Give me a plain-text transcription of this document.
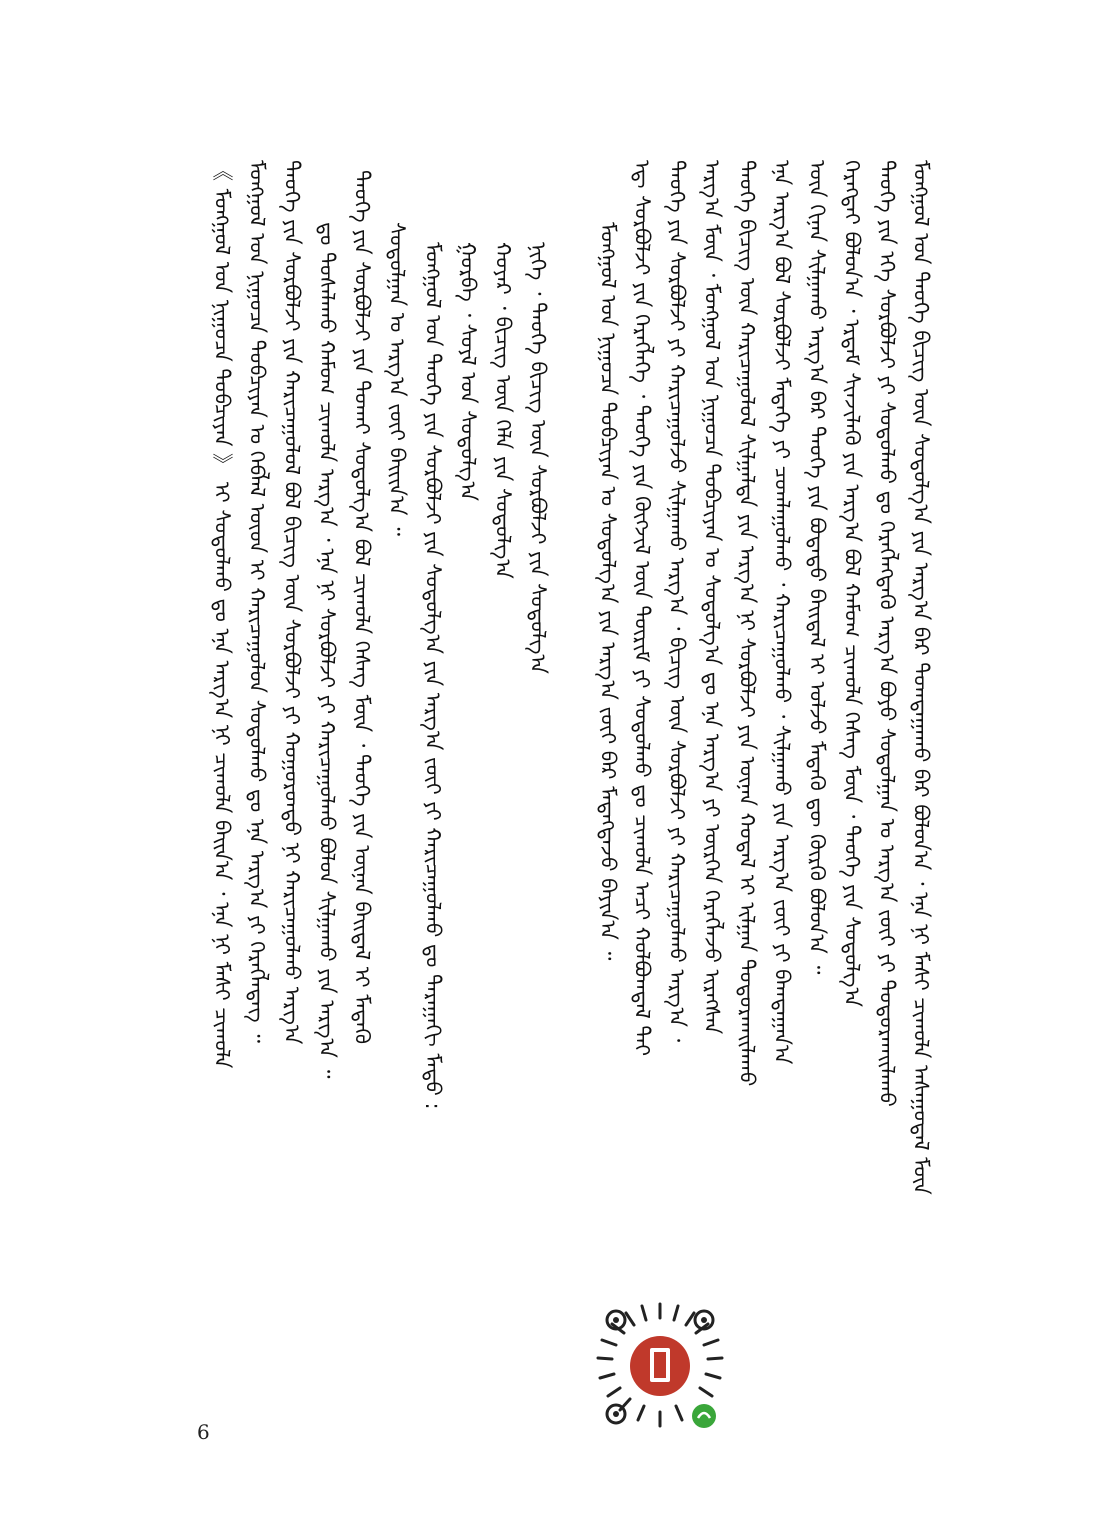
ᠮᠣᠩᠭᠣᠯ ᠤᠨ ᠲᠡᠦᠬᠡ ᠪᠢᠴᠢᠭ ᠦᠨ ᠰᠤᠳᠤᠯᠭ᠎ᠠ ᠶᠢᠨ ᠠᠷᠭ᠎ᠠ ᠪᠠᠷ ᠲᠣᠭᠲᠠᠭᠠᠬᠤ ᠪᠠᠷ ᠪᠤᠯᠤᠨ᠎ᠠ ᠂ ᠡᠨᠡ ᠨᠢ ᠮᠠᠰᠢ ᠴᠢᠬᠤᠯᠠ ᠠᠰᠠᠭᠤᠳᠠᠯ ᠮᠥᠨ
ᠲᠡᠦᠬᠡ ᠶᠢᠨ ᠡᠬᠡ ᠰᠤᠷᠪᠤᠯᠵᠢ ᠶᠢ ᠰᠤᠳᠤᠯᠬᠤ ᠳᠤ ᠬᠡᠷᠡᠭᠯᠡᠭᠳᠡᠬᠦ ᠠᠷᠭ᠎ᠠ ᠪᠤᠶᠤ ᠰᠤᠳᠤᠯᠭᠠᠨ ᠤ ᠠᠷᠭ᠎ᠠ ᠵᠦᠢ ᠶᠢ ᠲᠣᠳᠤᠷᠬᠠᠢᠯᠠᠬᠤ
ᠬᠡᠷᠡᠭᠲᠡᠢ ᠪᠣᠯᠤᠨ᠎ᠠ ᠂ ᠡᠷᠳᠡᠮ ᠰᠢᠨᠵᠢᠯᠡᠬᠦ ᠶᠢᠨ ᠠᠷᠭ᠎ᠠ ᠪᠣᠯ ᠬᠠᠮᠤᠭ ᠴᠢᠬᠤᠯᠠ ᠬᠡᠰᠡᠭ ᠮᠥᠨ ᠂ ᠲᠡᠦᠬᠡ ᠶᠢᠨ ᠰᠤᠳᠤᠯᠭ᠎ᠠ
ᠦᠨ ᠬᠢᠨᠠᠨ ᠰᠢᠯᠭᠠᠬᠤ ᠠᠷᠭ᠎ᠠ ᠪᠠᠷ ᠲᠡᠦᠬᠡ ᠶᠢᠨ ᠪᠣᠳᠠᠲᠤ ᠪᠠᠢᠳᠠᠯ ᠢ ᠣᠯᠵᠤ ᠮᠡᠳᠡᠬᠦ ᠳᠦ ᠬᠦᠷᠬᠦ ᠪᠣᠯᠤᠨ᠎ᠠ ᠃
ᠡᠨᠡ ᠠᠷᠭ᠎ᠠ ᠪᠣᠯ ᠰᠤᠷᠪᠤᠯᠵᠢ ᠮᠡᠳᠡᠭᠡ ᠶᠢ ᠴᠤᠭᠯᠠᠭᠤᠯᠬᠤ ᠂ ᠬᠠᠷᠢᠴᠠᠭᠤᠯᠬᠤ ᠂ ᠰᠢᠯᠭᠠᠬᠤ ᠶᠢᠨ ᠠᠷᠭ᠎ᠠ ᠵᠦᠢ ᠶᠢ ᠪᠠᠭᠲᠠᠭᠠᠨ᠎ᠠ
ᠲᠡᠦᠬᠡ ᠪᠢᠴᠢᠭ ᠦᠨ ᠬᠠᠷᠢᠴᠠᠭᠤᠯᠤᠯ ᠰᠢᠯᠭᠠᠯᠲᠠ ᠶᠢᠨ ᠠᠷᠭ᠎ᠠ ᠨᠢ ᠰᠤᠷᠪᠤᠯᠵᠢ ᠶᠢᠨ ᠦᠨᠡᠨ ᠬᠤᠳᠠᠯ ᠢ ᠢᠯᠭᠠᠨ ᠲᠣᠳᠤᠷᠬᠠᠢᠯᠠᠬᠤ
ᠠᠷᠭ᠎ᠠ ᠮᠥᠨ ᠂ ᠮᠣᠩᠭᠣᠯ ᠤᠨ ᠨᠢᠭᠤᠴᠠ ᠲᠣᠪᠴᠢᠶᠠᠨ ᠤ ᠰᠤᠳᠤᠯᠭ᠎ᠠ ᠳᠤ ᠡᠨᠡ ᠠᠷᠭ᠎ᠠ ᠶᠢ ᠥᠷᠭᠡᠨ ᠬᠡᠷᠡᠭᠯᠡᠵᠦ ᠢᠷᠡᠭᠰᠡᠨ
ᠲᠡᠦᠬᠡ ᠶᠢᠨ ᠰᠤᠷᠪᠤᠯᠵᠢ ᠶᠢ ᠬᠠᠷᠢᠴᠠᠭᠤᠯᠵᠤ ᠰᠢᠯᠭᠠᠬᠤ ᠠᠷᠭ᠎ᠠ ᠂ ᠪᠢᠴᠢᠭ ᠦᠨ ᠰᠤᠷᠪᠤᠯᠵᠢ ᠶᠢ ᠬᠠᠷᠢᠴᠠᠭᠤᠯᠬᠤ ᠠᠷᠭ᠎ᠠ ᠂
ᠡᠳ᠋ ᠰᠤᠷᠪᠤᠯᠵᠢ ᠶᠢᠨ ᠬᠡᠷᠡᠭᠯᠡᠭᠡ ᠂ ᠲᠡᠦᠬᠡ ᠶᠢᠨ ᠬᠥᠭᠵᠢᠯ ᠦᠨ ᠳᠦᠷᠢᠮ ᠶᠢ ᠰᠤᠳᠤᠯᠬᠤ ᠳᠤ ᠴᠢᠬᠤᠯᠠ ᠠᠴᠢ ᠬᠣᠯᠪᠣᠭᠳᠠᠯ ᠲᠠᠢ
ᠮᠣᠩᠭᠣᠯ ᠤᠨ ᠨᠢᠭᠤᠴᠠ ᠲᠣᠪᠴᠢᠶᠠᠨ ᠤ ᠰᠤᠳᠤᠯᠭ᠎ᠠ ᠶᠢᠨ ᠠᠷᠭ᠎ᠠ ᠵᠦᠢ ᠪᠠᠷ ᠮᠡᠳᠡᠭᠳᠡᠵᠦ ᠪᠠᠶᠢᠨ᠎ᠠ ᠃
ᠨᠢᠭᠡ ᠂ ᠲᠡᠦᠬᠡ ᠪᠢᠴᠢᠭ ᠦᠨ ᠰᠤᠷᠪᠤᠯᠵᠢ ᠶᠢᠨ ᠰᠤᠳᠤᠯᠭ᠎ᠠ
ᠬᠣᠶᠠᠷ ᠂ ᠪᠢᠴᠢᠭ ᠦᠨ ᠬᠡᠯᠡ ᠶᠢᠨ ᠰᠤᠳᠤᠯᠭ᠎ᠠ
ᠭᠤᠷᠪᠠ ᠂ ᠰᠤᠶᠯ ᠤᠨ ᠰᠤᠳᠤᠯᠭ᠎ᠠ
ᠮᠣᠩᠭᠣᠯ ᠤᠨ ᠲᠡᠦᠬᠡ ᠶᠢᠨ ᠰᠤᠷᠪᠤᠯᠵᠢ ᠶᠢᠨ ᠰᠤᠳᠤᠯᠭ᠎ᠠ ᠶᠢᠨ ᠠᠷᠭ᠎ᠠ ᠵᠦᠢ ᠶᠢ ᠬᠠᠷᠢᠴᠠᠭᠤᠯᠬᠤ ᠳᠤ ᠳᠠᠷᠠᠭᠠᠬᠢ ᠮᠡᠲᠦ :
ᠰᠤᠳᠤᠯᠭᠠᠨ ᠤ ᠠᠷᠭ᠎ᠠ ᠵᠦᠢ ᠪᠠᠢᠢᠨ᠎ᠠ ᠃
ᠲᠡᠦᠬᠡ ᠶᠢᠨ ᠰᠤᠷᠪᠤᠯᠵᠢ ᠶᠢᠨ ᠲᠤᠬᠠᠢ ᠰᠤᠳᠤᠯᠭ᠎ᠠ ᠪᠣᠯ ᠴᠢᠬᠤᠯᠠ ᠬᠡᠰᠡᠭ ᠮᠥᠨ ᠂ ᠲᠡᠦᠬᠡ ᠶᠢᠨ ᠦᠨᠡᠨ ᠪᠠᠢᠳᠠᠯ ᠢ ᠮᠡᠳᠡᠬᠦ
ᠳᠤ ᠲᠤᠰᠠᠯᠠᠬᠤ ᠬᠠᠮᠤᠭ ᠴᠢᠬᠤᠯᠠ ᠠᠷᠭ᠎ᠠ ᠂ ᠡᠨᠡ ᠨᠢ ᠰᠤᠷᠪᠤᠯᠵᠢ ᠶᠢ ᠬᠠᠷᠢᠴᠠᠭᠤᠯᠬᠤ ᠪᠣᠯᠤᠨ ᠰᠢᠯᠭᠠᠬᠤ ᠶᠢᠨ ᠠᠷᠭ᠎ᠠ ᠃
ᠲᠡᠦᠬᠡ ᠶᠢᠨ ᠰᠤᠷᠪᠤᠯᠵᠢ ᠶᠢᠨ ᠬᠠᠷᠢᠴᠠᠭᠤᠯᠤᠯ ᠪᠣᠯ ᠪᠢᠴᠢᠭ ᠦᠨ ᠰᠤᠷᠪᠤᠯᠵᠢ ᠶᠢ ᠬᠣᠭᠣᠷᠣᠨᠳᠤ ᠨᠢ ᠬᠠᠷᠢᠴᠠᠭᠤᠯᠬᠤ ᠠᠷᠭ᠎ᠠ
ᠮᠣᠩᠭᠣᠯ ᠤᠨ ᠨᠢᠭᠤᠴᠠ ᠲᠣᠪᠴᠢᠶᠠᠨ ᠤ ᠬᠡᠪᠯᠡᠯ ᠦᠳ ᠢ ᠬᠠᠷᠢᠴᠠᠭᠤᠯᠤᠨ ᠰᠤᠳᠤᠯᠬᠤ ᠳᠤ ᠡᠨᠡ ᠠᠷᠭ᠎ᠠ ᠶᠢ ᠬᠡᠷᠡᠭᠯᠡᠳᠡᠭ ᠃
《 ᠮᠣᠩᠭᠣᠯ ᠤᠨ ᠨᠢᠭᠤᠴᠠ ᠲᠣᠪᠴᠢᠶᠠᠨ 》 ᠢ ᠰᠤᠳᠤᠯᠬᠤ ᠳᠤ ᠡᠨᠡ ᠠᠷᠭ᠎ᠠ ᠨᠢ ᠴᠢᠬᠤᠯᠠ ᠪᠠᠢᠨ᠎ᠠ ᠂ ᠡᠨᠡ ᠨᠢ ᠮᠠᠰᠢ ᠴᠢᠬᠤᠯᠠ
6
